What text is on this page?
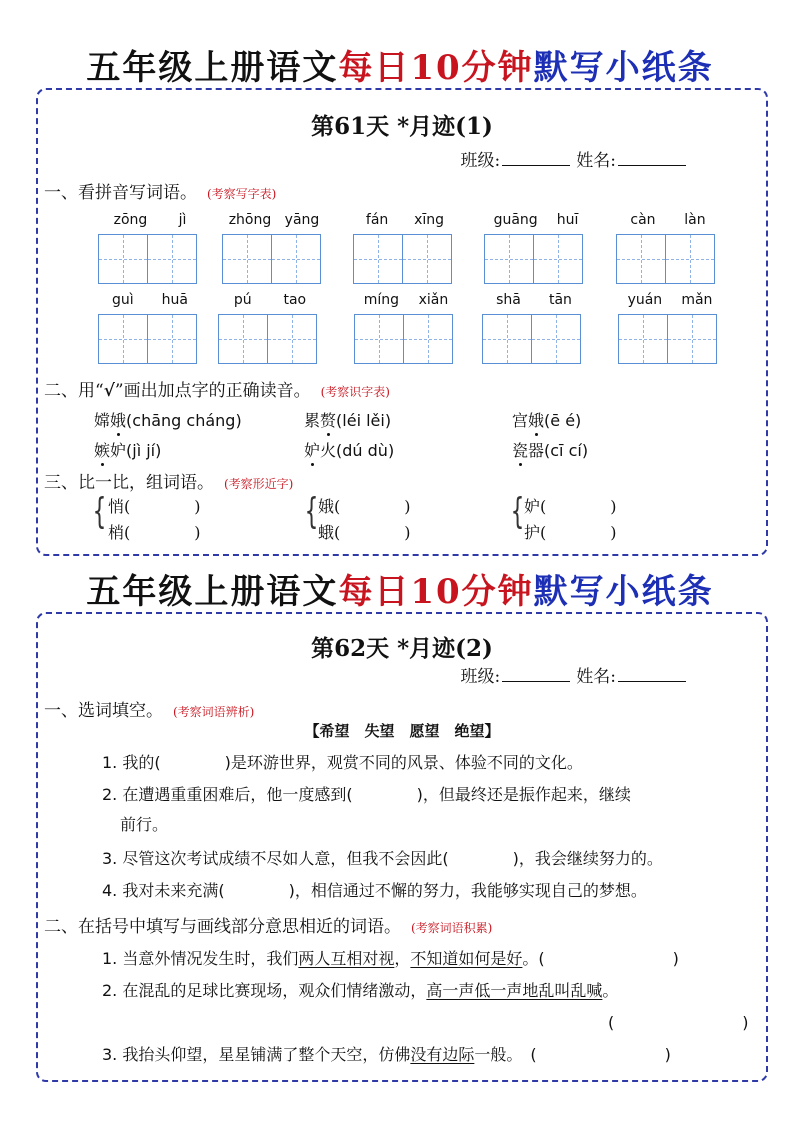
五年级上册语文每日10分钟默写小纸条
第61天 *月迹(1)
班级:	姓名:
一、看拼音写词语。 (考察写字表)
zōng jì	zhōng yāng	fán xīng	guāng huī	càn làn
guì huā	pú tao	míng xiǎn	shā tān	yuán mǎn
二、用“√”画出加点字的正确读音。 (考察识字表)
嫦娥(chāng cháng)	累赘(léi lěi)	宫娥(ē é)
嫉妒(jì jí)	妒火(dú dù)	瓷器(cī cí)
三、比一比，组词语。 (考察形近字)
{ 悄(　　　　)
梢(　　　　)
{ 娥(　　　　)
蛾(　　　　)
{ 妒(　　　　)
护(　　　　)
五年级上册语文每日10分钟默写小纸条
第62天 *月迹(2)
班级:	姓名:
一、选词填空。 (考察词语辨析)
【希望　失望　愿望　绝望】
1. 我的(　　　　)是环游世界，观赏不同的风景、体验不同的文化。
2. 在遭遇重重困难后，他一度感到(　　　　)，但最终还是振作起来，继续
前行。
3. 尽管这次考试成绩不尽如人意，但我不会因此(　　　　)，我会继续努力的。
4. 我对未来充满(　　　　)，相信通过不懈的努力，我能够实现自己的梦想。
二、在括号中填写与画线部分意思相近的词语。 (考察词语积累)
1. 当意外情况发生时，我们两人互相对视，不知道如何是好。(　　　　　　　　)
2. 在混乱的足球比赛现场，观众们情绪激动，高一声低一声地乱叫乱喊。
(　　　　　　　　)
3. 我抬头仰望，星星铺满了整个天空，仿佛没有边际一般。　(　　　　　　　　)
